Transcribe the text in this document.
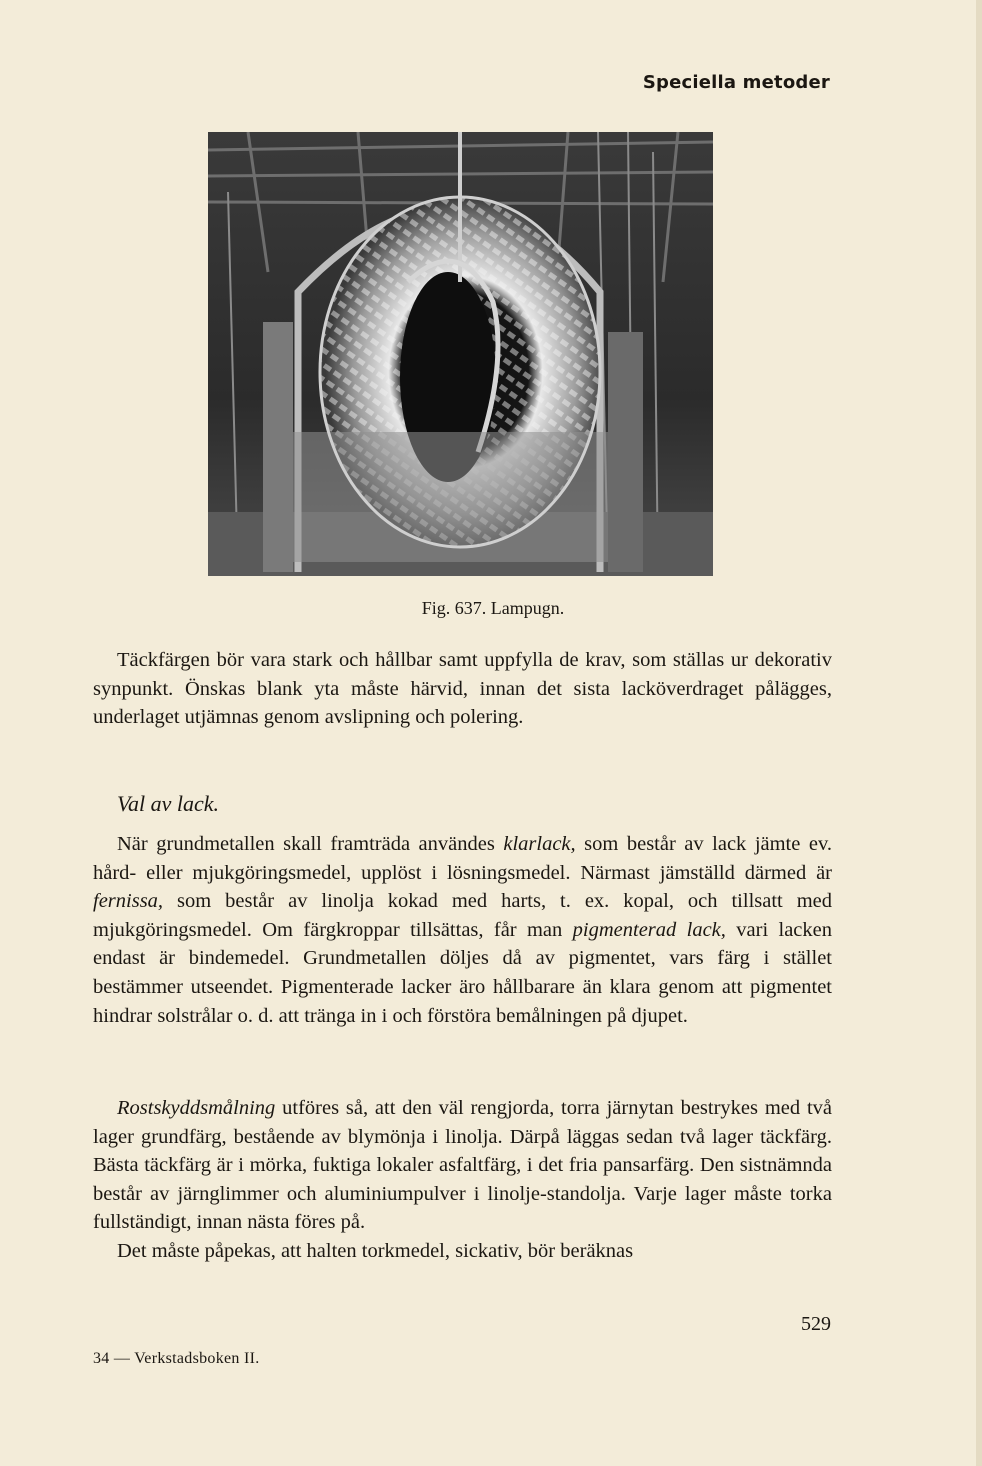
Speciella metoder
Fig. 637. Lampugn.

Täckfärgen bör vara stark och hållbar samt uppfylla de krav, som ställas ur dekorativ synpunkt. Önskas blank yta måste härvid, innan det sista lacköverdraget pålägges, underlaget utjämnas genom avslipning och polering.

Val av lack.

När grundmetallen skall framträda användes klarlack, som består av lack jämte ev. hård- eller mjukgöringsmedel, upplöst i lösningsmedel. Närmast jämställd därmed är fernissa, som består av linolja kokad med harts, t. ex. kopal, och tillsatt med mjukgöringsmedel. Om färgkroppar tillsättas, får man pigmenterad lack, vari lacken endast är bindemedel. Grundmetallen döljes då av pigmentet, vars färg i stället bestämmer utseendet. Pigmenterade lacker äro hållbarare än klara genom att pigmentet hindrar solstrålar o. d. att tränga in i och förstöra bemålningen på djupet.

Rostskyddsmålning utföres så, att den väl rengjorda, torra järnytan bestrykes med två lager grundfärg, bestående av blymönja i linolja. Därpå läggas sedan två lager täckfärg. Bästa täckfärg är i mörka, fuktiga lokaler asfaltfärg, i det fria pansarfärg. Den sistnämnda består av järnglimmer och aluminiumpulver i linolje-standolja. Varje lager måste torka fullständigt, innan nästa föres på.

Det måste påpekas, att halten torkmedel, sickativ, bör beräknas

529
34 — Verkstadsboken II.
